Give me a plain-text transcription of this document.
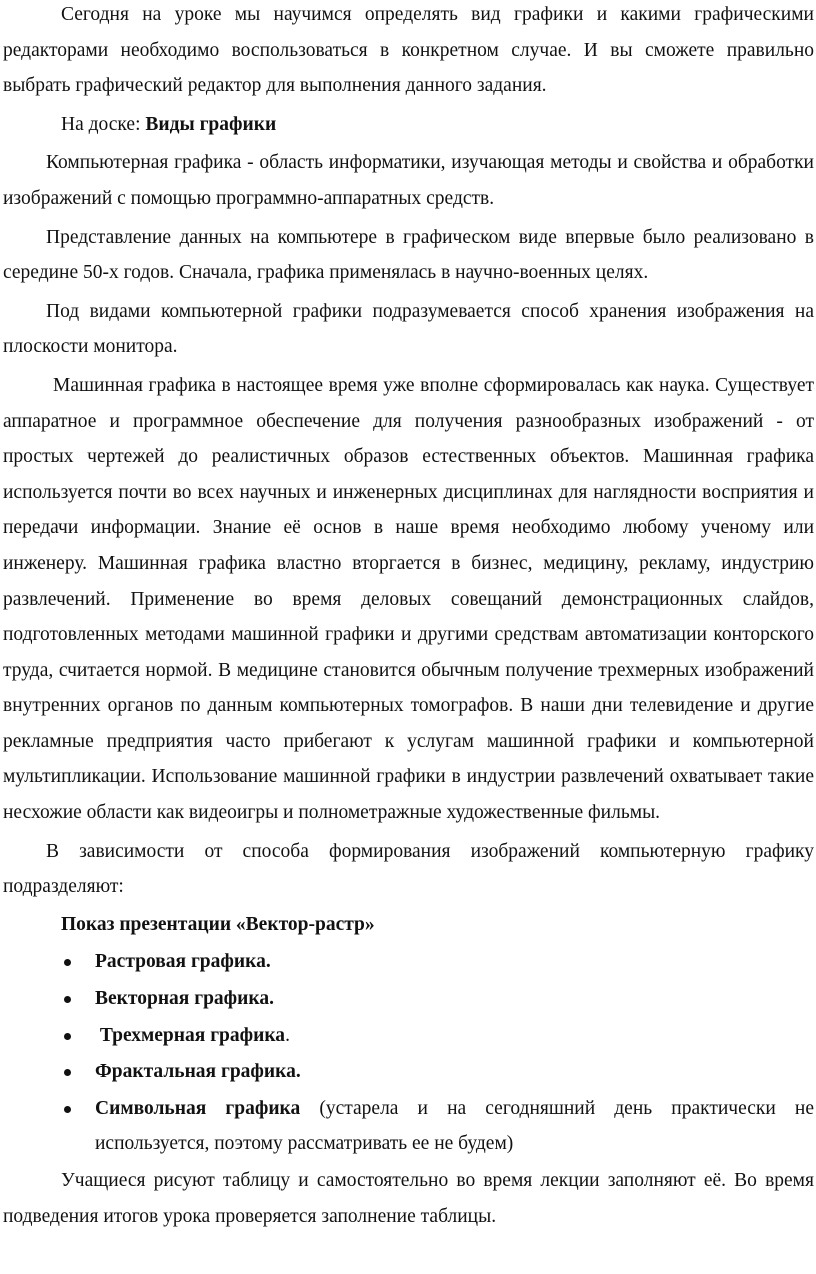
Сегодня на уроке мы научимся определять вид графики и какими графическими редакторами необходимо воспользоваться в конкретном случае. И вы сможете правильно выбрать графический редактор для выполнения данного задания.

На доске: Виды графики

Компьютерная графика - область информатики, изучающая методы и свойства и обработки изображений с помощью программно-аппаратных средств.

Представление данных на компьютере в графическом виде впервые было реализовано в середине 50-х годов. Сначала, графика применялась в научно-военных целях.

Под видами компьютерной графики подразумевается способ хранения изображения на плоскости монитора.

Машинная графика в настоящее время уже вполне сформировалась как наука. Существует аппаратное и программное обеспечение для получения разнообразных изображений - от простых чертежей до реалистичных образов естественных объектов. Машинная графика используется почти во всех научных и инженерных дисциплинах для наглядности восприятия и передачи информации. Знание её основ в наше время необходимо любому ученому или инженеру. Машинная графика властно вторгается в бизнес, медицину, рекламу, индустрию развлечений. Применение во время деловых совещаний демонстрационных слайдов, подготовленных методами машинной графики и другими средствам автоматизации конторского труда, считается нормой. В медицине становится обычным получение трехмерных изображений внутренних органов по данным компьютерных томографов. В наши дни телевидение и другие рекламные предприятия часто прибегают к услугам машинной графики и компьютерной мультипликации. Использование машинной графики в индустрии развлечений охватывает такие несхожие области как видеоигры и полнометражные художественные фильмы.

В зависимости от способа формирования изображений компьютерную графику подразделяют:

Показ презентации «Вектор-растр»

Растровая графика.
Векторная графика.
Трехмерная графика.
Фрактальная графика.
Символьная графика (устарела и на сегодняшний день практически не используется, поэтому рассматривать ее не будем)

Учащиеся рисуют таблицу и самостоятельно во время лекции заполняют её. Во время подведения итогов урока проверяется заполнение таблицы.
